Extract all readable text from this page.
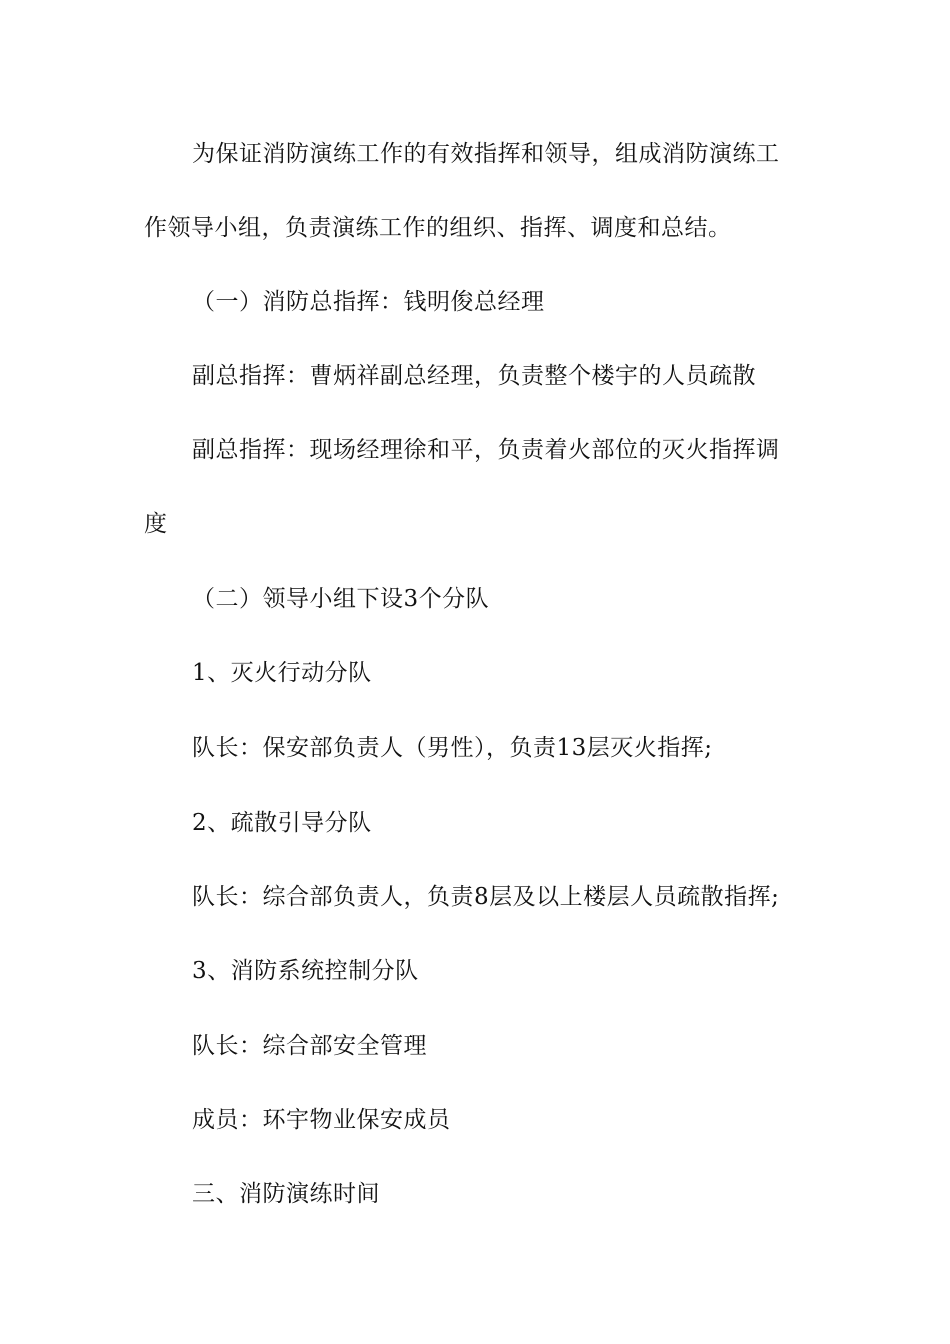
为保证消防演练工作的有效指挥和领导，组成消防演练工
作领导小组，负责演练工作的组织、指挥、调度和总结。
（一）消防总指挥：钱明俊总经理
副总指挥：曹炳祥副总经理，负责整个楼宇的人员疏散
副总指挥：现场经理徐和平，负责着火部位的灭火指挥调
度
（二）领导小组下设3个分队
1、灭火行动分队
队长：保安部负责人（男性），负责13层灭火指挥;
2、疏散引导分队
队长：综合部负责人，负责8层及以上楼层人员疏散指挥;
3、消防系统控制分队
队长：综合部安全管理
成员：环宇物业保安成员
三、消防演练时间
